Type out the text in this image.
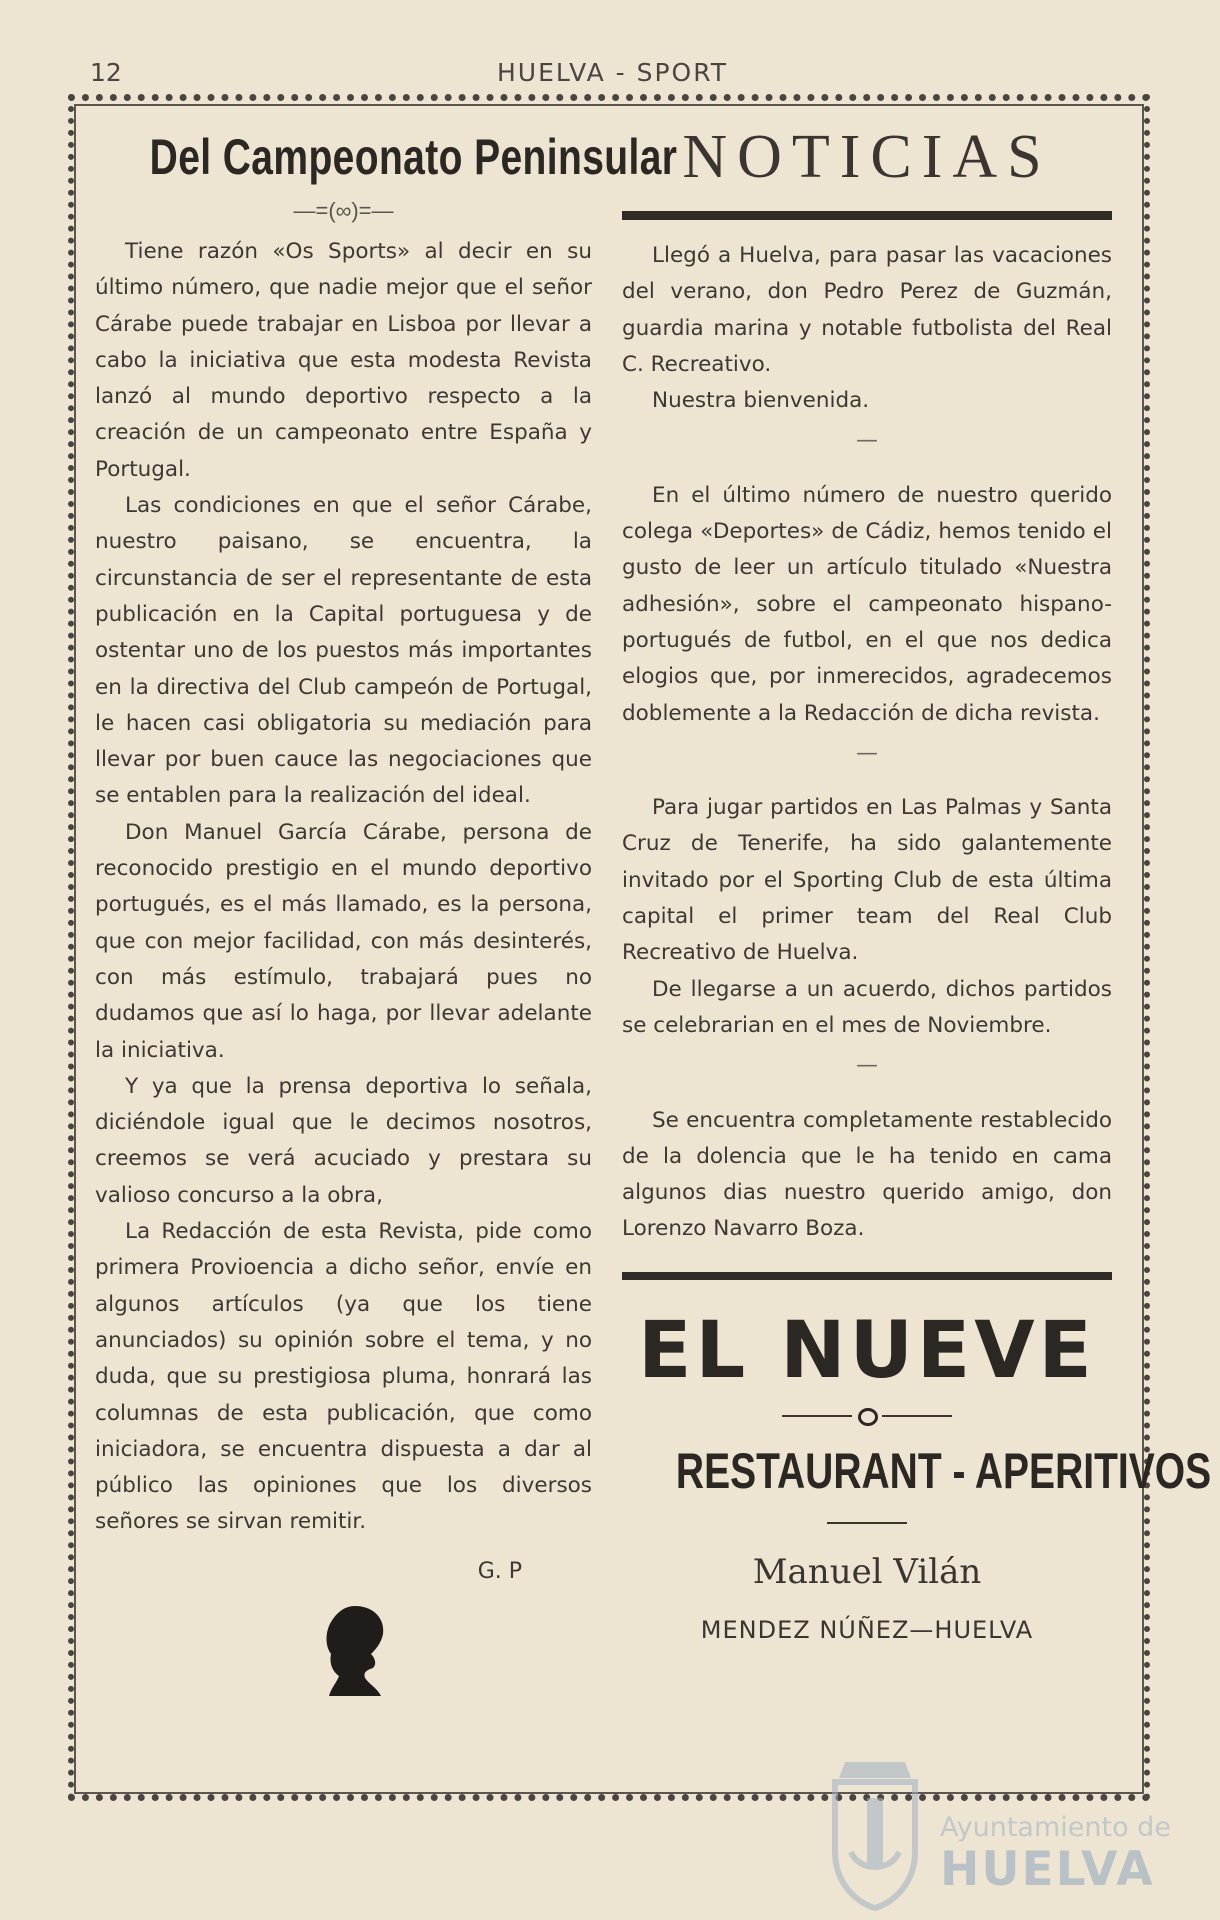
12	HUELVA - SPORT
Del Campeonato Peninsular
—=(∞)=—

Tiene razón «Os Sports» al decir en su último número, que nadie mejor que el señor Cárabe puede trabajar en Lisboa por llevar a cabo la iniciativa que esta modesta Revista lanzó al mundo deportivo respecto a la creación de un campeonato entre España y Portugal.

Las condiciones en que el señor Cárabe, nuestro paisano, se encuentra, la circunstancia de ser el representante de esta publicación en la Capital portuguesa y de ostentar uno de los puestos más importantes en la directiva del Club campeón de Portugal, le hacen casi obligatoria su mediación para llevar por buen cauce las negociaciones que se entablen para la realización del ideal.

Don Manuel García Cárabe, persona de reconocido prestigio en el mundo deportivo portugués, es el más llamado, es la persona, que con mejor facilidad, con más desinterés, con más estímulo, trabajará pues no dudamos que así lo haga, por llevar adelante la iniciativa.

Y ya que la prensa deportiva lo señala, diciéndole igual que le decimos nosotros, creemos se verá acuciado y prestara su valioso concurso a la obra,

La Redacción de esta Revista, pide como primera Provioencia a dicho señor, envíe en algunos artículos (ya que los tiene anunciados) su opinión sobre el tema, y no duda, que su prestigiosa pluma, honrará las columnas de esta publicación, que como iniciadora, se encuentra dispuesta a dar al público las opiniones que los diversos señores se sirvan remitir.

G. P
NOTICIAS

Llegó a Huelva, para pasar las vacaciones del verano, don Pedro Perez de Guzmán, guardia marina y notable futbolista del Real C. Recreativo.

Nuestra bienvenida.

—

En el último número de nuestro querido colega «Deportes» de Cádiz, hemos tenido el gusto de leer un artículo titulado «Nuestra adhesión», sobre el campeonato hispano-portugués de futbol, en el que nos dedica elogios que, por inmerecidos, agradecemos doblemente a la Redacción de dicha revista.

—

Para jugar partidos en Las Palmas y Santa Cruz de Tenerife, ha sido galantemente invitado por el Sporting Club de esta última capital el primer team del Real Club Recreativo de Huelva.

De llegarse a un acuerdo, dichos partidos se celebrarian en el mes de Noviembre.

—

Se encuentra completamente restablecido de la dolencia que le ha tenido en cama algunos dias nuestro querido amigo, don Lorenzo Navarro Boza.

EL NUEVE
RESTAURANT - APERITIVOS
Manuel Vilán
MENDEZ NÚÑEZ—HUELVA
Ayuntamiento de
HUELVA
